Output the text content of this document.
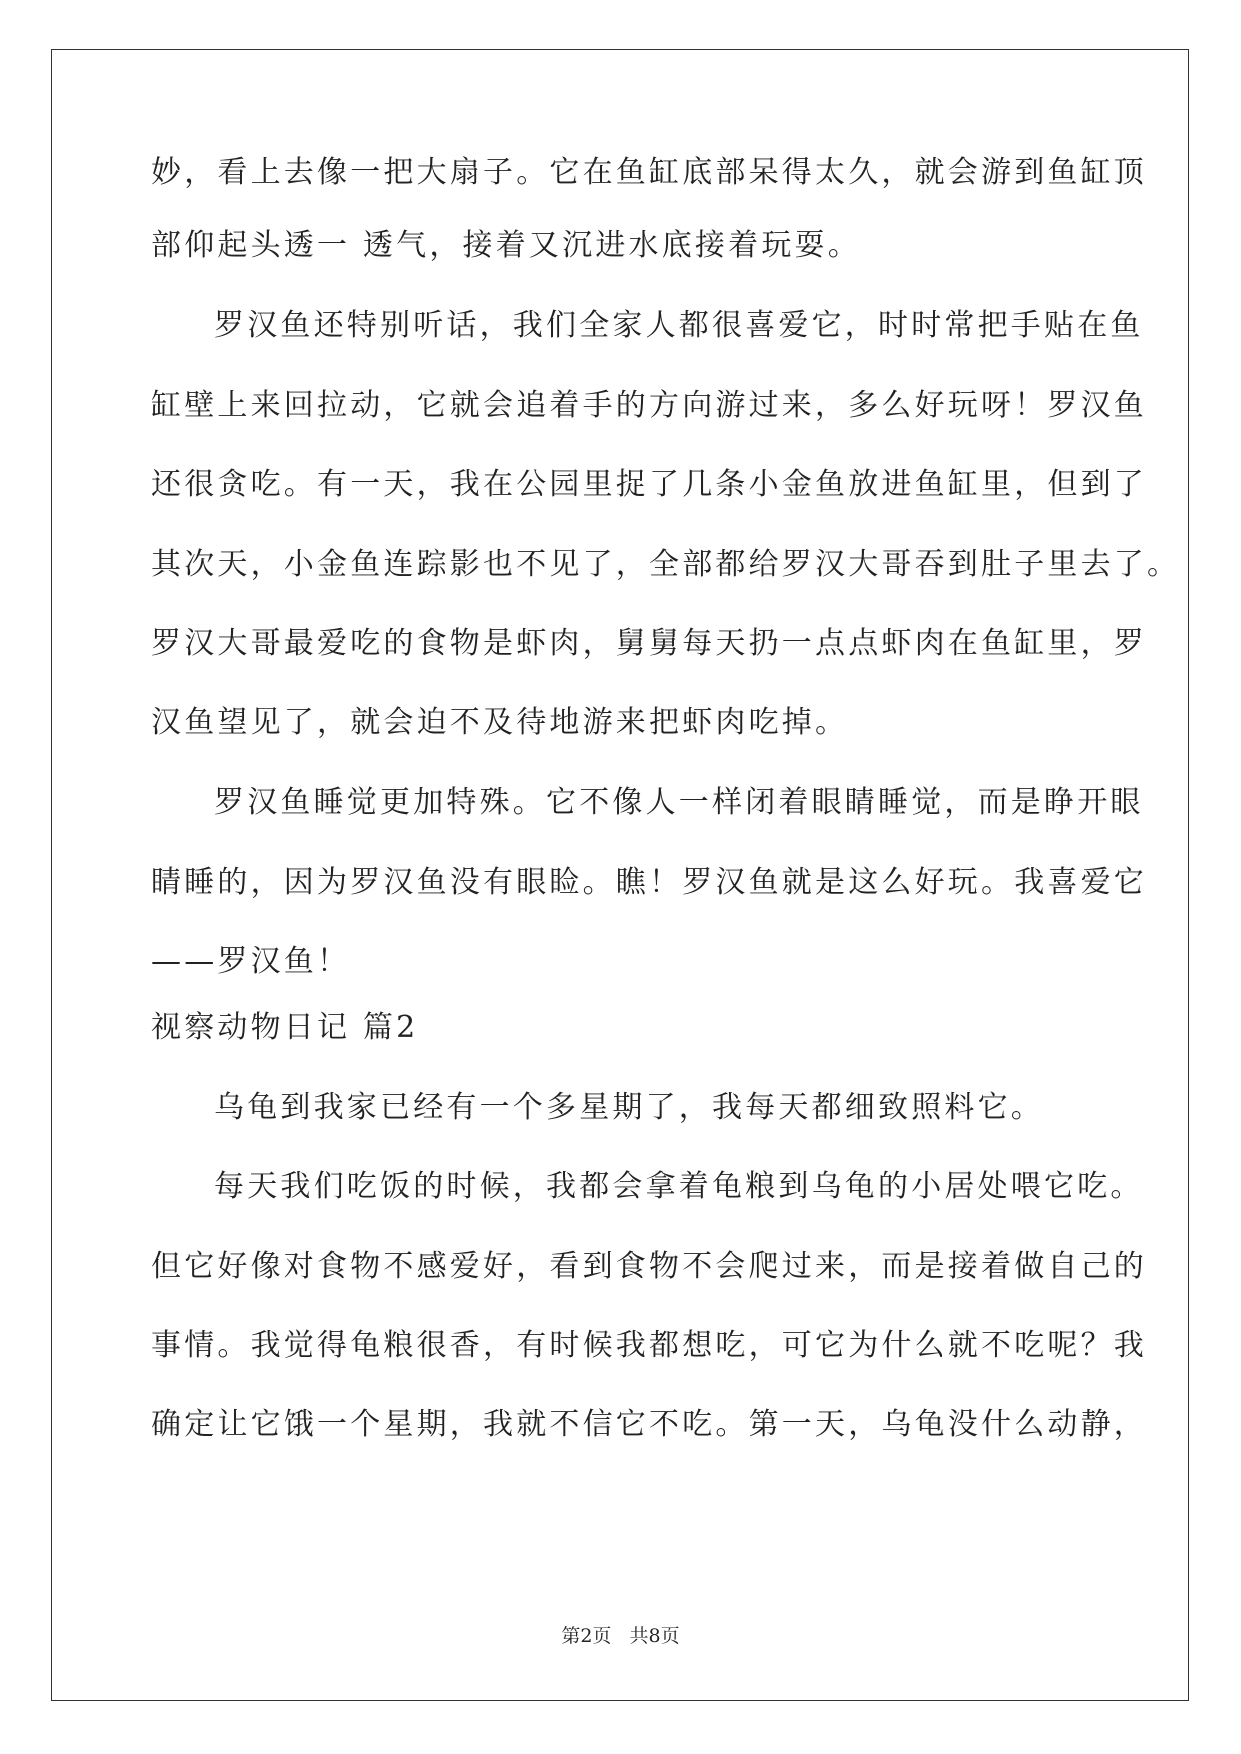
妙，看上去像一把大扇子。它在鱼缸底部呆得太久，就会游到鱼缸顶
部仰起头透一 透气，接着又沉进水底接着玩耍。
罗汉鱼还特别听话，我们全家人都很喜爱它，时时常把手贴在鱼
缸壁上来回拉动，它就会追着手的方向游过来，多么好玩呀！罗汉鱼
还很贪吃。有一天，我在公园里捉了几条小金鱼放进鱼缸里，但到了
其次天，小金鱼连踪影也不见了，全部都给罗汉大哥吞到肚子里去了。
罗汉大哥最爱吃的食物是虾肉，舅舅每天扔一点点虾肉在鱼缸里，罗
汉鱼望见了，就会迫不及待地游来把虾肉吃掉。
罗汉鱼睡觉更加特殊。它不像人一样闭着眼睛睡觉，而是睁开眼
睛睡的，因为罗汉鱼没有眼睑。瞧！罗汉鱼就是这么好玩。我喜爱它
——罗汉鱼！
视察动物日记 篇2
乌龟到我家已经有一个多星期了，我每天都细致照料它。
每天我们吃饭的时候，我都会拿着龟粮到乌龟的小居处喂它吃。
但它好像对食物不感爱好，看到食物不会爬过来，而是接着做自己的
事情。我觉得龟粮很香，有时候我都想吃，可它为什么就不吃呢？我
确定让它饿一个星期，我就不信它不吃。第一天，乌龟没什么动静，
第2页   共8页
